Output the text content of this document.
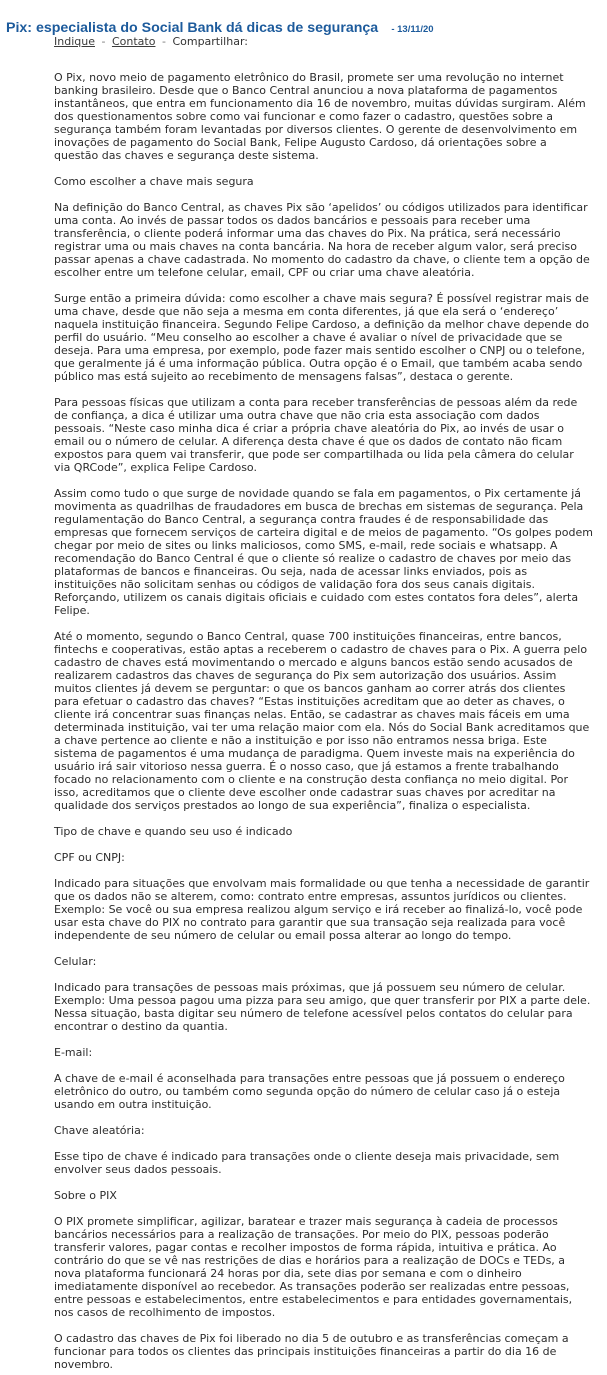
Pix: especialista do Social Bank dá dicas de segurança - 13/11/20
Indique - Contato - Compartilhar:

O Pix, novo meio de pagamento eletrônico do Brasil, promete ser uma revolução no internet banking brasileiro. Desde que o Banco Central anunciou a nova plataforma de pagamentos instantâneos, que entra em funcionamento dia 16 de novembro, muitas dúvidas surgiram. Além dos questionamentos sobre como vai funcionar e como fazer o cadastro, questões sobre a segurança também foram levantadas por diversos clientes. O gerente de desenvolvimento em inovações de pagamento do Social Bank, Felipe Augusto Cardoso, dá orientações sobre a questão das chaves e segurança deste sistema.

Como escolher a chave mais segura

Na definição do Banco Central, as chaves Pix são ‘apelidos’ ou códigos utilizados para identificar uma conta. Ao invés de passar todos os dados bancários e pessoais para receber uma transferência, o cliente poderá informar uma das chaves do Pix. Na prática, será necessário registrar uma ou mais chaves na conta bancária. Na hora de receber algum valor, será preciso passar apenas a chave cadastrada. No momento do cadastro da chave, o cliente tem a opção de escolher entre um telefone celular, email, CPF ou criar uma chave aleatória.

Surge então a primeira dúvida: como escolher a chave mais segura? É possível registrar mais de uma chave, desde que não seja a mesma em conta diferentes, já que ela será o ‘endereço’ naquela instituição financeira. Segundo Felipe Cardoso, a definição da melhor chave depende do perfil do usuário. “Meu conselho ao escolher a chave é avaliar o nível de privacidade que se deseja. Para uma empresa, por exemplo, pode fazer mais sentido escolher o CNPJ ou o telefone, que geralmente já é uma informação pública. Outra opção é o Email, que também acaba sendo público mas está sujeito ao recebimento de mensagens falsas”, destaca o gerente.

Para pessoas físicas que utilizam a conta para receber transferências de pessoas além da rede de confiança, a dica é utilizar uma outra chave que não cria esta associação com dados pessoais. “Neste caso minha dica é criar a própria chave aleatória do Pix, ao invés de usar o email ou o número de celular. A diferença desta chave é que os dados de contato não ficam expostos para quem vai transferir, que pode ser compartilhada ou lida pela câmera do celular via QRCode”, explica Felipe Cardoso.

Assim como tudo o que surge de novidade quando se fala em pagamentos, o Pix certamente já movimenta as quadrilhas de fraudadores em busca de brechas em sistemas de segurança. Pela regulamentação do Banco Central, a segurança contra fraudes é de responsabilidade das empresas que fornecem serviços de carteira digital e de meios de pagamento. “Os golpes podem chegar por meio de sites ou links maliciosos, como SMS, e-mail, rede sociais e whatsapp. A recomendação do Banco Central é que o cliente só realize o cadastro de chaves por meio das plataformas de bancos e financeiras. Ou seja, nada de acessar links enviados, pois as instituições não solicitam senhas ou códigos de validação fora dos seus canais digitais. Reforçando, utilizem os canais digitais oficiais e cuidado com estes contatos fora deles”, alerta Felipe.

Até o momento, segundo o Banco Central, quase 700 instituições financeiras, entre bancos, fintechs e cooperativas, estão aptas a receberem o cadastro de chaves para o Pix. A guerra pelo cadastro de chaves está movimentando o mercado e alguns bancos estão sendo acusados de realizarem cadastros das chaves de segurança do Pix sem autorização dos usuários. Assim muitos clientes já devem se perguntar: o que os bancos ganham ao correr atrás dos clientes para efetuar o cadastro das chaves? “Estas instituições acreditam que ao deter as chaves, o cliente irá concentrar suas finanças nelas. Então, se cadastrar as chaves mais fáceis em uma determinada instituição, vai ter uma relação maior com ela. Nós do Social Bank acreditamos que a chave pertence ao cliente e não a instituição e por isso não entramos nessa briga. Este sistema de pagamentos é uma mudança de paradigma. Quem investe mais na experiência do usuário irá sair vitorioso nessa guerra. É o nosso caso, que já estamos a frente trabalhando focado no relacionamento com o cliente e na construção desta confiança no meio digital. Por isso, acreditamos que o cliente deve escolher onde cadastrar suas chaves por acreditar na qualidade dos serviços prestados ao longo de sua experiência”, finaliza o especialista.

Tipo de chave e quando seu uso é indicado

CPF ou CNPJ:

Indicado para situações que envolvam mais formalidade ou que tenha a necessidade de garantir que os dados não se alterem, como: contrato entre empresas, assuntos jurídicos ou clientes. Exemplo: Se você ou sua empresa realizou algum serviço e irá receber ao finalizá-lo, você pode usar esta chave do PIX no contrato para garantir que sua transação seja realizada para você independente de seu número de celular ou email possa alterar ao longo do tempo.

Celular:

Indicado para transações de pessoas mais próximas, que já possuem seu número de celular. Exemplo: Uma pessoa pagou uma pizza para seu amigo, que quer transferir por PIX a parte dele. Nessa situação, basta digitar seu número de telefone acessível pelos contatos do celular para encontrar o destino da quantia.

E-mail:

A chave de e-mail é aconselhada para transações entre pessoas que já possuem o endereço eletrônico do outro, ou também como segunda opção do número de celular caso já o esteja usando em outra instituição.

Chave aleatória:

Esse tipo de chave é indicado para transações onde o cliente deseja mais privacidade, sem envolver seus dados pessoais.

Sobre o PIX

O PIX promete simplificar, agilizar, baratear e trazer mais segurança à cadeia de processos bancários necessários para a realização de transações. Por meio do PIX, pessoas poderão transferir valores, pagar contas e recolher impostos de forma rápida, intuitiva e prática. Ao contrário do que se vê nas restrições de dias e horários para a realização de DOCs e TEDs, a nova plataforma funcionará 24 horas por dia, sete dias por semana e com o dinheiro imediatamente disponível ao recebedor. As transações poderão ser realizadas entre pessoas, entre pessoas e estabelecimentos, entre estabelecimentos e para entidades governamentais, nos casos de recolhimento de impostos.

O cadastro das chaves de Pix foi liberado no dia 5 de outubro e as transferências começam a funcionar para todos os clientes das principais instituições financeiras a partir do dia 16 de novembro.
